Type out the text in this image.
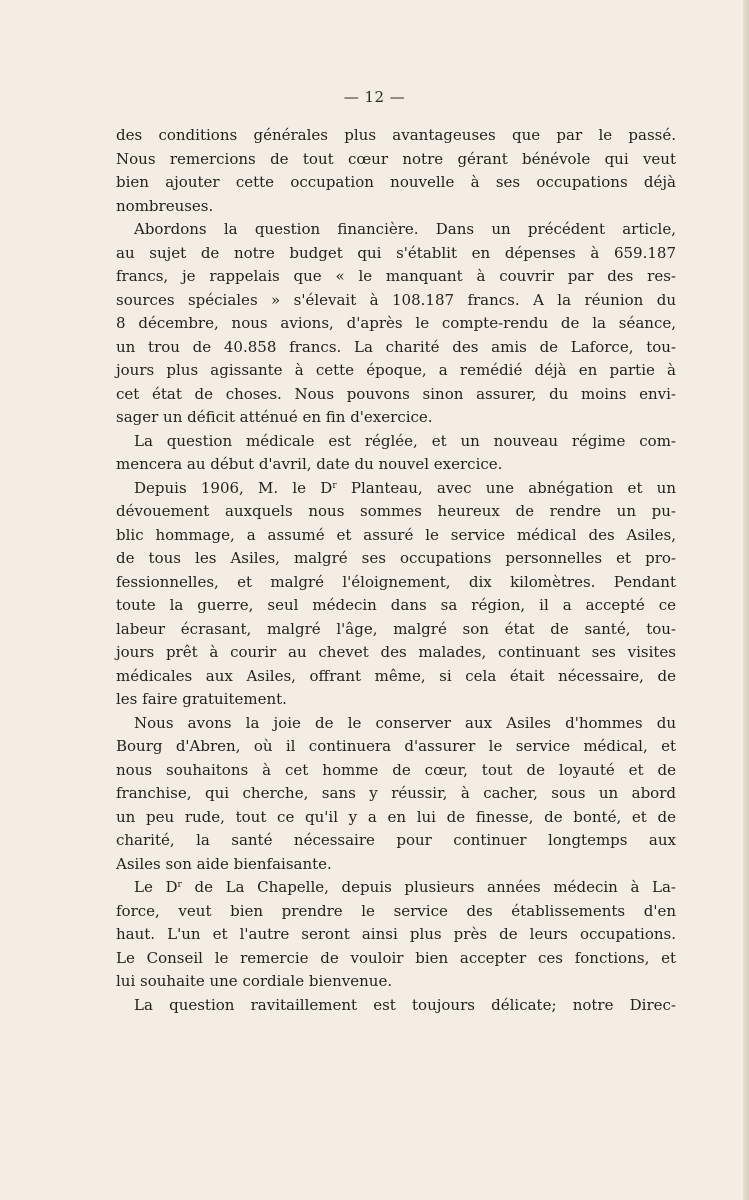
— 12 —
des conditions générales plus avantageuses que par le passé.
Nous remercions de tout cœur notre gérant bénévole qui veut
bien ajouter cette occupation nouvelle à ses occupations déjà
nombreuses.
Abordons la question financière. Dans un précédent article,
au sujet de notre budget qui s'établit en dépenses à 659.187
francs, je rappelais que « le manquant à couvrir par des res-
sources spéciales » s'élevait à 108.187 francs. A la réunion du
8 décembre, nous avions, d'après le compte-rendu de la séance,
un trou de 40.858 francs. La charité des amis de Laforce, tou-
jours plus agissante à cette époque, a remédié déjà en partie à
cet état de choses. Nous pouvons sinon assurer, du moins envi-
sager un déficit atténué en fin d'exercice.
La question médicale est réglée, et un nouveau régime com-
mencera au début d'avril, date du nouvel exercice.
Depuis 1906, M. le $D^r$ Planteau, avec une abnégation et un
dévouement auxquels nous sommes heureux de rendre un pu-
blic hommage, a assumé et assuré le service médical des Asiles,
de tous les Asiles, malgré ses occupations personnelles et pro-
fessionnelles, et malgré l'éloignement, dix kilomètres. Pendant
toute la guerre, seul médecin dans sa région, il a accepté ce
labeur écrasant, malgré l'âge, malgré son état de santé, tou-
jours prêt à courir au chevet des malades, continuant ses visites
médicales aux Asiles, offrant même, si cela était nécessaire, de
les faire gratuitement.
Nous avons la joie de le conserver aux Asiles d'hommes du
Bourg d'Abren, où il continuera d'assurer le service médical, et
nous souhaitons à cet homme de cœur, tout de loyauté et de
franchise, qui cherche, sans y réussir, à cacher, sous un abord
un peu rude, tout ce qu'il y a en lui de finesse, de bonté, et de
charité, la santé nécessaire pour continuer longtemps aux
Asiles son aide bienfaisante.
Le $D^r$ de La Chapelle, depuis plusieurs années médecin à La-
force, veut bien prendre le service des établissements d'en
haut. L'un et l'autre seront ainsi plus près de leurs occupations.
Le Conseil le remercie de vouloir bien accepter ces fonctions, et
lui souhaite une cordiale bienvenue.
La question ravitaillement est toujours délicate; notre Direc-
